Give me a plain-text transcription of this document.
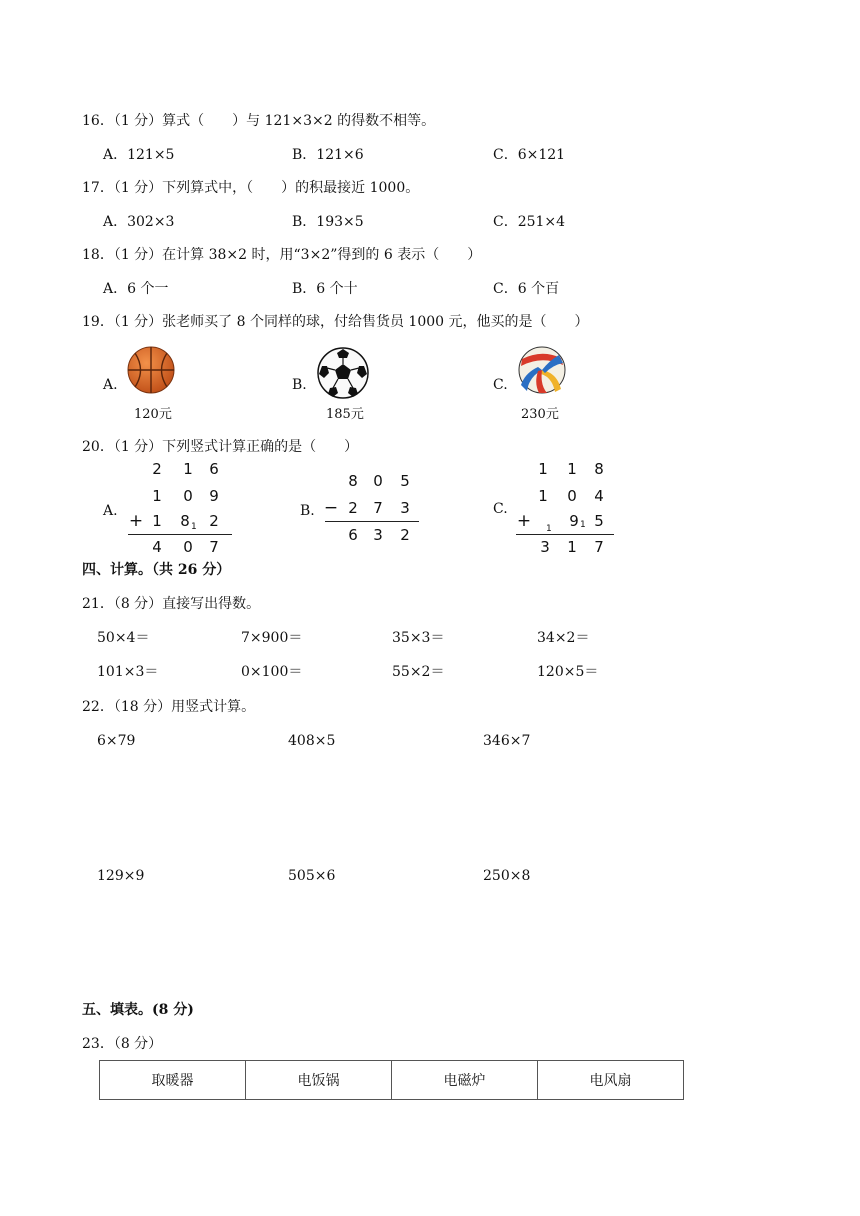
16．（1 分）算式（　　）与 121×3×2 的得数不相等。
A．121×5	B．121×6	C．6×121
17．（1 分）下列算式中，（　　）的积最接近 1000。
A．302×3	B．193×5	C．251×4
18．（1 分）在计算 38×2 时，用“3×2”得到的 6 表示（　　）
A．6 个一	B．6 个十	C．6 个百
19．（1 分）张老师买了 8 个同样的球，付给售货员 1000 元，他买的是（　　）
A.
120元
B.
185元
C.
230元
20．（1 分）下列竖式计算正确的是（　　）
A.
2 1 6
1 0 9
+ 1 8 1 2
4 0 7
B.
8 0 5
− 2 7 3
6 3 2
C.
1 1 8
1 0 4
+ 1 9 1 5
3 1 7
四、计算。（共 26 分）
21．（8 分）直接写出得数。
50×4＝	7×900＝	35×3＝	34×2＝
101×3＝	0×100＝	55×2＝	120×5＝
22．（18 分）用竖式计算。
6×79	408×5	346×7
129×9	505×6	250×8
五、填表。(8 分)
23．（8 分）
取暖器	电饭锅	电磁炉	电风扇
